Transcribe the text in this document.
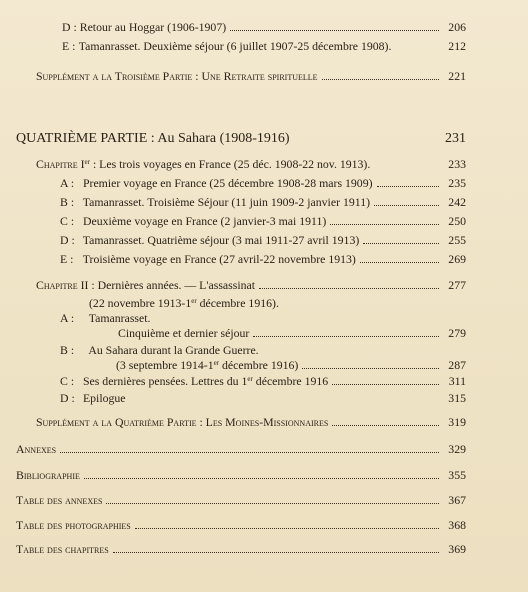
D : Retour au Hoggar (1906-1907)	206
E : Tamanrasset. Deuxième séjour (6 juillet 1907-25 décembre 1908).	212
Supplément a la Troisième Partie : Une Retraite spirituelle	221
QUATRIÈME PARTIE : Au Sahara (1908-1916)	231
Chapitre Ier : Les trois voyages en France (25 déc. 1908-22 nov. 1913).	233
A : Premier voyage en France (25 décembre 1908-28 mars 1909)	235
B : Tamanrasset. Troisième Séjour (11 juin 1909-2 janvier 1911)	242
C : Deuxième voyage en France (2 janvier-3 mai 1911)	250
D : Tamanrasset. Quatrième séjour (3 mai 1911-27 avril 1913)	255
E : Troisième voyage en France (27 avril-22 novembre 1913)	269
Chapitre II : Dernières années. — L'assassinat	277
(22 novembre 1913-1er décembre 1916).
A : Tamanrasset.
Cinquième et dernier séjour	279
B : Au Sahara durant la Grande Guerre.
(3 septembre 1914-1er décembre 1916)	287
C : Ses dernières pensées. Lettres du 1er décembre 1916	311
D : Epilogue	315
Supplément a la Quatrième Partie : Les Moines-Missionnaires	319
Annexes	329
Bibliographie	355
Table des annexes	367
Table des photographies	368
Table des chapitres	369
